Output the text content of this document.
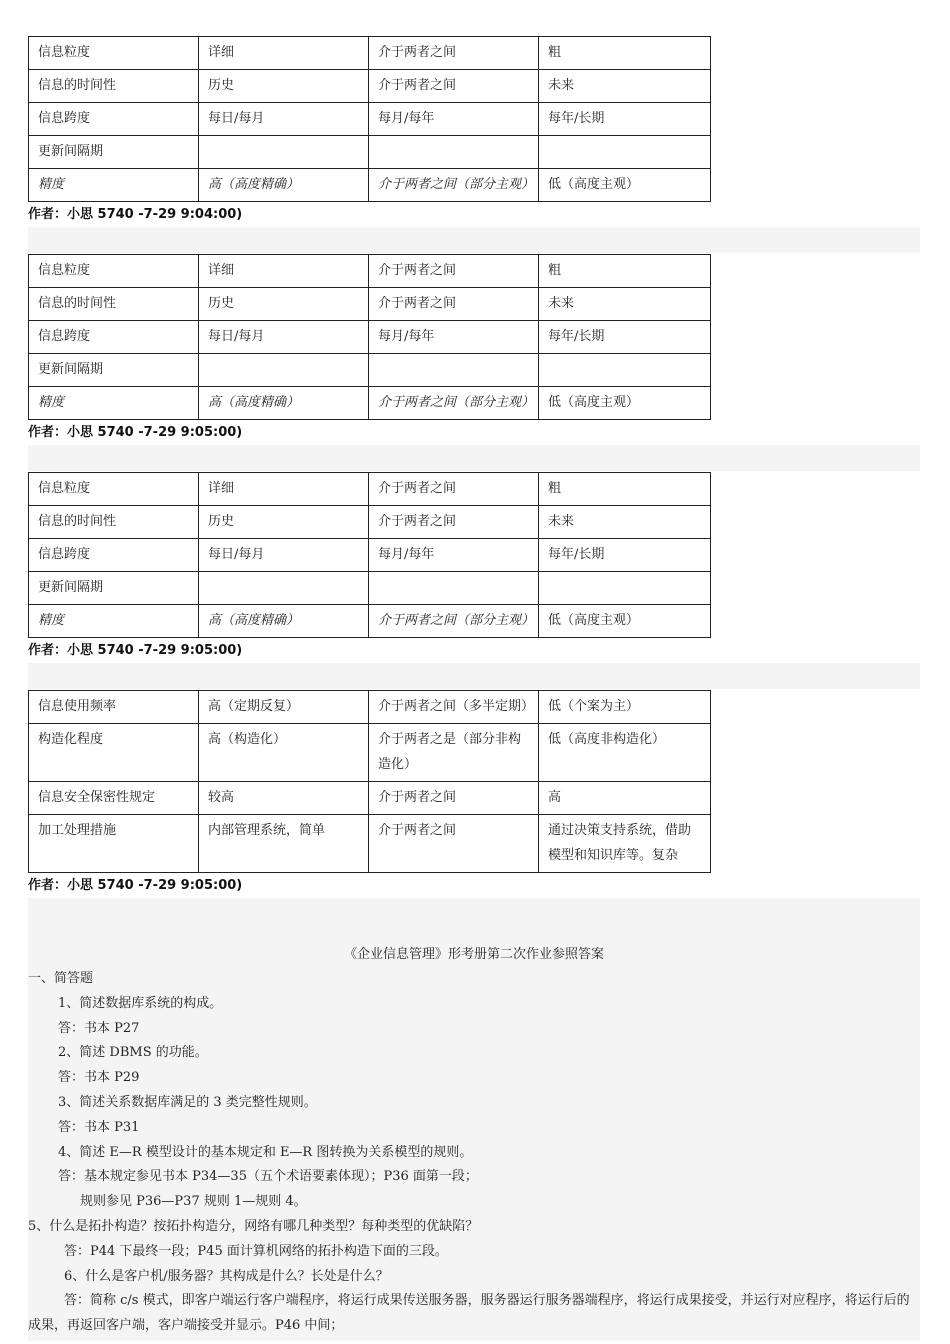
信息粒度	详细	介于两者之间	粗
信息的时间性	历史	介于两者之间	未来
信息跨度	每日/每月	每月/每年	每年/长期
更新间隔期			
精度	高（高度精确）	介于两者之间（部分主观）	低（高度主观）
作者：小思 5740 -7-29 9:04:00)
信息粒度	详细	介于两者之间	粗
信息的时间性	历史	介于两者之间	未来
信息跨度	每日/每月	每月/每年	每年/长期
更新间隔期			
精度	高（高度精确）	介于两者之间（部分主观）	低（高度主观）
作者：小思 5740 -7-29 9:05:00)
信息粒度	详细	介于两者之间	粗
信息的时间性	历史	介于两者之间	未来
信息跨度	每日/每月	每月/每年	每年/长期
更新间隔期			
精度	高（高度精确）	介于两者之间（部分主观）	低（高度主观）
作者：小思 5740 -7-29 9:05:00)
信息使用频率	高（定期反复）	介于两者之间（多半定期）	低（个案为主）
构造化程度	高（构造化）	介于两者之是（部分非构造化）	低（高度非构造化）
信息安全保密性规定	较高	介于两者之间	高
加工处理措施	内部管理系统，简单	介于两者之间	通过决策支持系统，借助模型和知识库等。复杂
作者：小思 5740 -7-29 9:05:00)
《企业信息管理》形考册第二次作业参照答案
一、简答题
1、简述数据库系统的构成。
答：书本 P27
2、简述 DBMS 的功能。
答：书本 P29
3、简述关系数据库满足的 3 类完整性规则。
答：书本 P31
4、简述 E—R 模型设计的基本规定和 E—R 图转换为关系模型的规则。
答：基本规定参见书本 P34—35（五个术语要素体现）；P36 面第一段；
规则参见 P36—P37 规则 1—规则 4。
5、什么是拓扑构造？按拓扑构造分，网络有哪几种类型？每种类型的优缺陷？
答：P44 下最终一段；P45 面计算机网络的拓扑构造下面的三段。
6、什么是客户机/服务器？其构成是什么？长处是什么？
答：简称 c/s 模式，即客户端运行客户端程序，将运行成果传送服务器，服务器运行服务器端程序，将运行成果接受，并运行对应程序，将运行后的成果，再返回客户端，客户端接受并显示。P46 中间；
